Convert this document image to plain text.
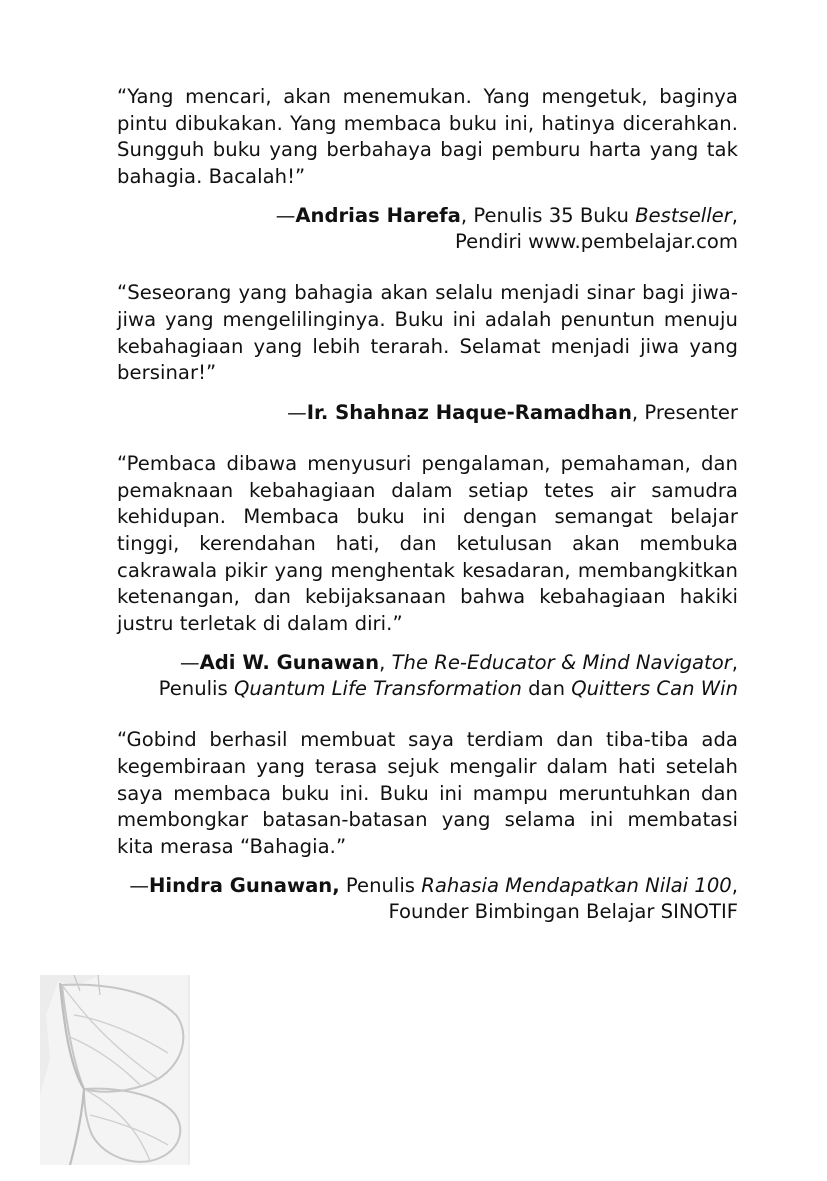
“Yang mencari, akan menemukan. Yang mengetuk, baginya pintu dibukakan. Yang membaca buku ini, hatinya dicerahkan. Sungguh buku yang berbahaya bagi pemburu harta yang tak bahagia. Bacalah!”

—Andrias Harefa, Penulis 35 Buku Bestseller,
Pendiri www.pembelajar.com

“Seseorang yang bahagia akan selalu menjadi sinar bagi jiwa-jiwa yang mengelilinginya. Buku ini adalah penuntun menuju kebahagiaan yang lebih terarah. Selamat menjadi jiwa yang bersinar!”

—Ir. Shahnaz Haque-Ramadhan, Presenter

“Pembaca dibawa menyusuri pengalaman, pemahaman, dan pemaknaan kebahagiaan dalam setiap tetes air samudra kehidupan. Membaca buku ini dengan semangat belajar tinggi, kerendahan hati, dan ketulusan akan membuka cakrawala pikir yang menghentak kesadaran, membangkitkan ketenangan, dan kebijaksanaan bahwa kebahagiaan hakiki justru terletak di dalam diri.”

—Adi W. Gunawan, The Re-Educator & Mind Navigator,
Penulis Quantum Life Transformation dan Quitters Can Win

“Gobind berhasil membuat saya terdiam dan tiba-tiba ada kegembiraan yang terasa sejuk mengalir dalam hati setelah saya membaca buku ini. Buku ini mampu meruntuhkan dan membongkar batasan-batasan yang selama ini membatasi kita merasa “Bahagia.”

—Hindra Gunawan, Penulis Rahasia Mendapatkan Nilai 100,
Founder Bimbingan Belajar SINOTIF
